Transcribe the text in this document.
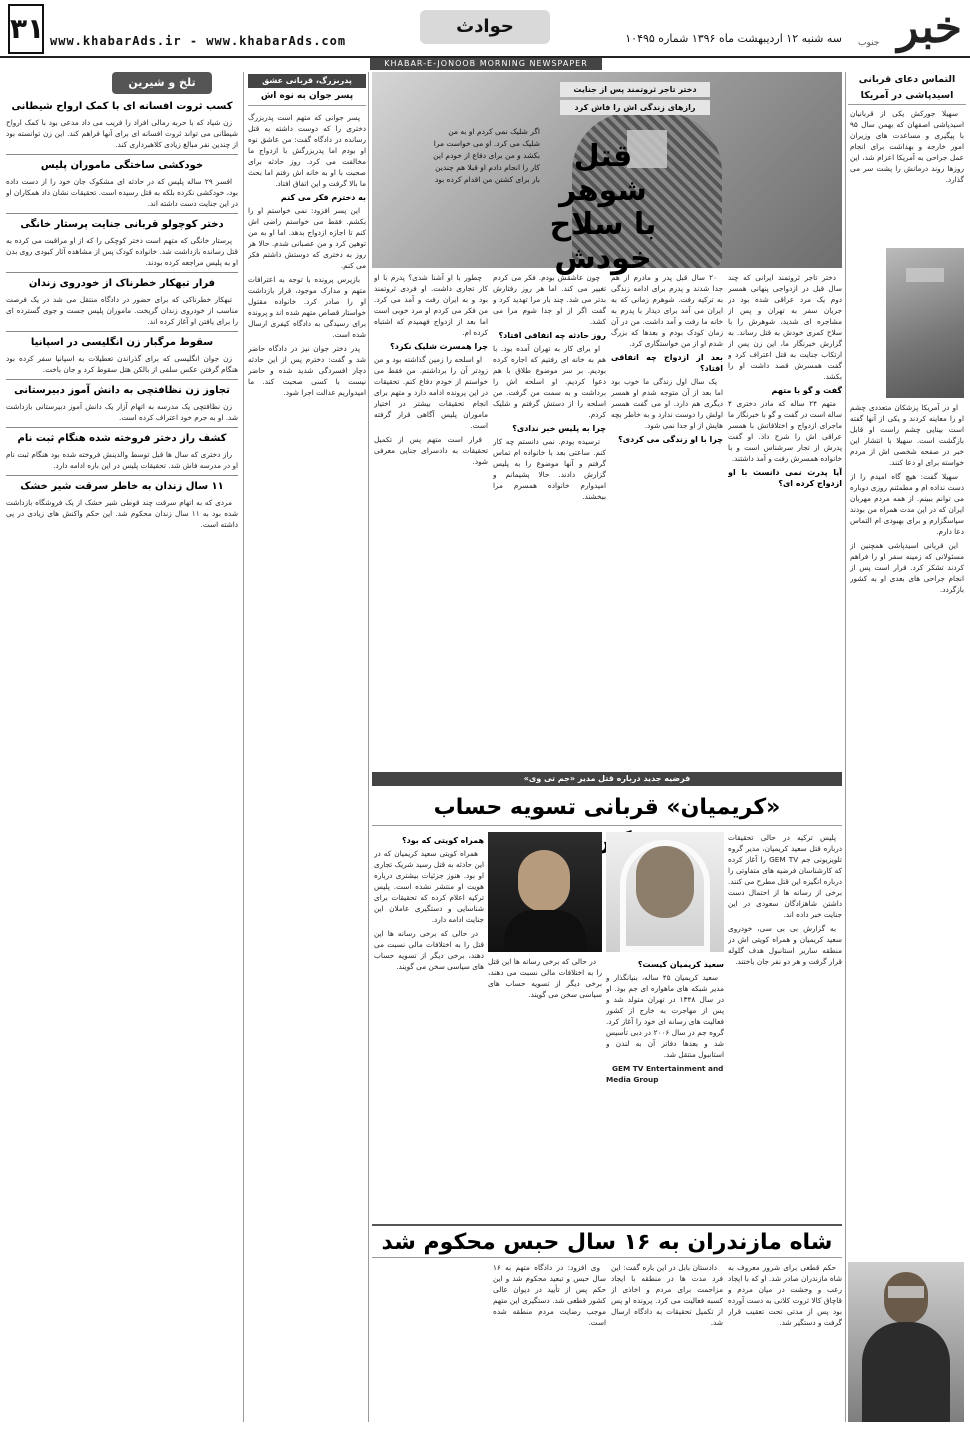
۳۱ www.khabarAds.ir - www.khabarAds.com
حوادث
سه شنبه ۱۲ اردیبهشت ماه ۱۳۹۶ شماره ۱۰۴۹۵ خبر
جنوب
KHABAR-E-JONOOB MORNING NEWSPAPER
التماس دعای قربانی اسیدپاشی در آمریکا

سهیلا جورکش یکی از قربانیان اسیدپاشی اصفهان که بهمن سال ۹۵ با پیگیری و مساعدت های وزیران امور خارجه و بهداشت برای انجام عمل جراحی به آمریکا اعزام شد، این روزها روند درمانش را پشت سر می گذارد.

او در آمریکا پزشکان متعددی چشم او را معاینه کردند و یکی از آنها گفته است بینایی چشم راست او قابل بازگشت است. سهیلا با انتشار این خبر در صفحه شخصی اش از مردم خواسته برای او دعا کنند.

سهیلا گفت: هیچ گاه امیدم را از دست نداده ام و مطمئنم روزی دوباره می توانم ببینم. از همه مردم مهربان ایران که در این مدت همراه من بودند سپاسگزارم و برای بهبودی ام التماس دعا دارم.

این قربانی اسیدپاشی همچنین از مسئولانی که زمینه سفر او را فراهم کردند تشکر کرد. قرار است پس از انجام جراحی های بعدی او به کشور بازگردد.

دختر تاجر ثروتمند پس از جنایت
رازهای زندگی اش را فاش کرد
قتل شوهر
با سلاح
خودش
اگر شلیک نمی کردم او به من شلیک می کرد. او می خواست مرا بکشد و من برای دفاع از خودم این کار را انجام دادم او قبلا هم چندین بار برای کشتن من اقدام کرده بود

دختر تاجر ثروتمند ایرانی که چند سال قبل در ازدواجی پنهانی همسر دوم یک مرد عراقی شده بود در جریان سفر به تهران و پس از مشاجره ای شدید، شوهرش را با سلاح کمری خودش به قتل رساند. به گزارش خبرنگار ما، این زن پس از ارتکاب جنایت به قتل اعتراف کرد و گفت همسرش قصد داشت او را بکشد.

گفت و گو با متهم

متهم ۲۴ ساله که مادر دختری ۴ ساله است در گفت و گو با خبرنگار ما ماجرای ازدواج و اختلافاتش با همسر عراقی اش را شرح داد. او گفت پدرش از تجار سرشناس است و با خانواده همسرش رفت و آمد داشتند.

آیا پدرت نمی دانست با او ازدواج کرده ای؟

۲۰ سال قبل پدر و مادرم از هم جدا شدند و پدرم برای ادامه زندگی به ترکیه رفت. شوهرم زمانی که به ایران می آمد برای دیدار با پدرم به خانه ما رفت و آمد داشت. من در آن زمان کودک بودم و بعدها که بزرگ شدم او از من خواستگاری کرد.

بعد از ازدواج چه اتفاقی افتاد؟

یک سال اول زندگی ما خوب بود اما بعد از آن متوجه شدم او همسر دیگری هم دارد. او می گفت همسر اولش را دوست ندارد و به خاطر بچه هایش از او جدا نمی شود.

چرا با او زندگی می کردی؟

چون عاشقش بودم. فکر می کردم تغییر می کند. اما هر روز رفتارش بدتر می شد. چند بار مرا تهدید کرد و گفت اگر از او جدا شوم مرا می کشد.

روز حادثه چه اتفاقی افتاد؟

او برای کار به تهران آمده بود. با هم به خانه ای رفتیم که اجاره کرده بودیم. بر سر موضوع طلاق با هم دعوا کردیم. او اسلحه اش را برداشت و به سمت من گرفت. من اسلحه را از دستش گرفتم و شلیک کردم.

چرا به پلیس خبر ندادی؟

ترسیده بودم. نمی دانستم چه کار کنم. ساعتی بعد با خانواده ام تماس گرفتم و آنها موضوع را به پلیس گزارش دادند. حالا پشیمانم و امیدوارم خانواده همسرم مرا ببخشند.

چطور با او آشنا شدی؟ پدرم با او کار تجاری داشت. او فردی ثروتمند بود و به ایران رفت و آمد می کرد. من فکر می کردم او مرد خوبی است اما بعد از ازدواج فهمیدم که اشتباه کرده ام.

چرا همسرت شلیک نکرد؟

او اسلحه را زمین گذاشته بود و من زودتر آن را برداشتم. من فقط می خواستم از خودم دفاع کنم. تحقیقات در این پرونده ادامه دارد و متهم برای انجام تحقیقات بیشتر در اختیار ماموران پلیس آگاهی قرار گرفته است.

قرار است متهم پس از تکمیل تحقیقات به دادسرای جنایی معرفی شود.

فرضیه جدید درباره قتل مدیر «جم تی وی»
«کریمیان» قربانی تسویه حساب

پلیس ترکیه در حالی تحقیقات درباره قتل سعید کریمیان، مدیر گروه تلویزیونی جم GEM TV را آغاز کرده که کارشناسان فرضیه های متفاوتی را درباره انگیزه این قتل مطرح می کنند. برخی از رسانه ها از احتمال دست داشتن شاهزادگان سعودی در این جنایت خبر داده اند.

به گزارش بی بی سی، خودروی سعید کریمیان و همراه کویتی اش در منطقه ساریر استانبول هدف گلوله قرار گرفت و هر دو نفر جان باختند.

سعید کریمیان کیست؟

سعید کریمیان ۴۵ ساله، بنیانگذار و مدیر شبکه های ماهواره ای جم بود. او در سال ۱۳۴۸ در تهران متولد شد و پس از مهاجرت به خارج از کشور فعالیت های رسانه ای خود را آغاز کرد. گروه جم در سال ۲۰۰۶ در دبی تأسیس شد و بعدها دفاتر آن به لندن و استانبول منتقل شد.

GEM TV Entertainment and Media Group

همراه کویتی که بود؟

همراه کویتی سعید کریمیان که در این حادثه به قتل رسید شریک تجاری او بود. هنوز جزئیات بیشتری درباره هویت او منتشر نشده است. پلیس ترکیه اعلام کرده که تحقیقات برای شناسایی و دستگیری عاملان این جنایت ادامه دارد.

در حالی که برخی رسانه ها این قتل را به اختلافات مالی نسبت می دهند، برخی دیگر از تسویه حساب های سیاسی سخن می گویند.

در حالی که برخی رسانه ها این قتل را به اختلافات مالی نسبت می دهند، برخی دیگر از تسویه حساب های سیاسی سخن می گویند.

شاه مازندران به ۱۶ سال حبس محکوم شد

حکم قطعی برای شرور معروف به شاه مازندران صادر شد. او که با ایجاد رعب و وحشت در میان مردم و قاچاق کالا ثروت کلانی به دست آورده بود پس از مدتی تحت تعقیب قرار گرفت و دستگیر شد.

دادستان بابل در این باره گفت: این فرد مدت ها در منطقه با ایجاد مزاحمت برای مردم و اخاذی از کسبه فعالیت می کرد. پرونده او پس از تکمیل تحقیقات به دادگاه ارسال شد.

وی افزود: در دادگاه متهم به ۱۶ سال حبس و تبعید محکوم شد و این حکم پس از تأیید در دیوان عالی کشور قطعی شد. دستگیری این متهم موجب رضایت مردم منطقه شده است.

پدربزرگ، قربانی عشق
پسر جوان به نوه اش

پسر جوانی که متهم است پدربزرگ دختری را که دوست داشته به قتل رسانده در دادگاه گفت: من عاشق نوه او بودم اما پدربزرگش با ازدواج ما مخالفت می کرد. روز حادثه برای صحبت با او به خانه اش رفتم اما بحث ما بالا گرفت و این اتفاق افتاد.

به دخترم فکر می کنم

این پسر افزود: نمی خواستم او را بکشم. فقط می خواستم راضی اش کنم تا اجازه ازدواج بدهد. اما او به من توهین کرد و من عصبانی شدم. حالا هر روز به دختری که دوستش داشتم فکر می کنم.

بازپرس پرونده با توجه به اعترافات متهم و مدارک موجود، قرار بازداشت او را صادر کرد. خانواده مقتول خواستار قصاص متهم شده اند و پرونده برای رسیدگی به دادگاه کیفری ارسال شده است.

پدر دختر جوان نیز در دادگاه حاضر شد و گفت: دخترم پس از این حادثه دچار افسردگی شدید شده و حاضر نیست با کسی صحبت کند. ما امیدواریم عدالت اجرا شود.

تلخ و شیرین
کسب ثروت افسانه ای با کمک ارواح شیطانی

زن شیاد که با حربه رمالی افراد را فریب می داد مدعی بود با کمک ارواح شیطانی می تواند ثروت افسانه ای برای آنها فراهم کند. این زن توانسته بود از چندین نفر مبالغ زیادی کلاهبرداری کند.

خودکشی ساختگی ماموران پلیس

افسر ۲۹ ساله پلیس که در حادثه ای مشکوک جان خود را از دست داده بود، خودکشی نکرده بلکه به قتل رسیده است. تحقیقات نشان داد همکاران او در این جنایت دست داشته اند.

دختر کوچولو قربانی جنایت پرستار خانگی

پرستار خانگی که متهم است دختر کوچکی را که از او مراقبت می کرده به قتل رسانده بازداشت شد. خانواده کودک پس از مشاهده آثار کبودی روی بدن او به پلیس مراجعه کرده بودند.

فرار تبهکار خطرناک از خودروی زندان

تبهکار خطرناکی که برای حضور در دادگاه منتقل می شد در یک فرصت مناسب از خودروی زندان گریخت. ماموران پلیس جست و جوی گسترده ای را برای یافتن او آغاز کرده اند.

سقوط مرگبار زن انگلیسی در اسپانیا

زن جوان انگلیسی که برای گذراندن تعطیلات به اسپانیا سفر کرده بود هنگام گرفتن عکس سلفی از بالکن هتل سقوط کرد و جان باخت.

تجاوز زن نظافتچی به دانش آموز دبیرستانی

زن نظافتچی یک مدرسه به اتهام آزار یک دانش آموز دبیرستانی بازداشت شد. او به جرم خود اعتراف کرده است.

کشف راز دختر فروخته شده هنگام ثبت نام

راز دختری که سال ها قبل توسط والدینش فروخته شده بود هنگام ثبت نام او در مدرسه فاش شد. تحقیقات پلیس در این باره ادامه دارد.

۱۱ سال زندان به خاطر سرقت شیر خشک

مردی که به اتهام سرقت چند قوطی شیر خشک از یک فروشگاه بازداشت شده بود به ۱۱ سال زندان محکوم شد. این حکم واکنش های زیادی در پی داشته است.
